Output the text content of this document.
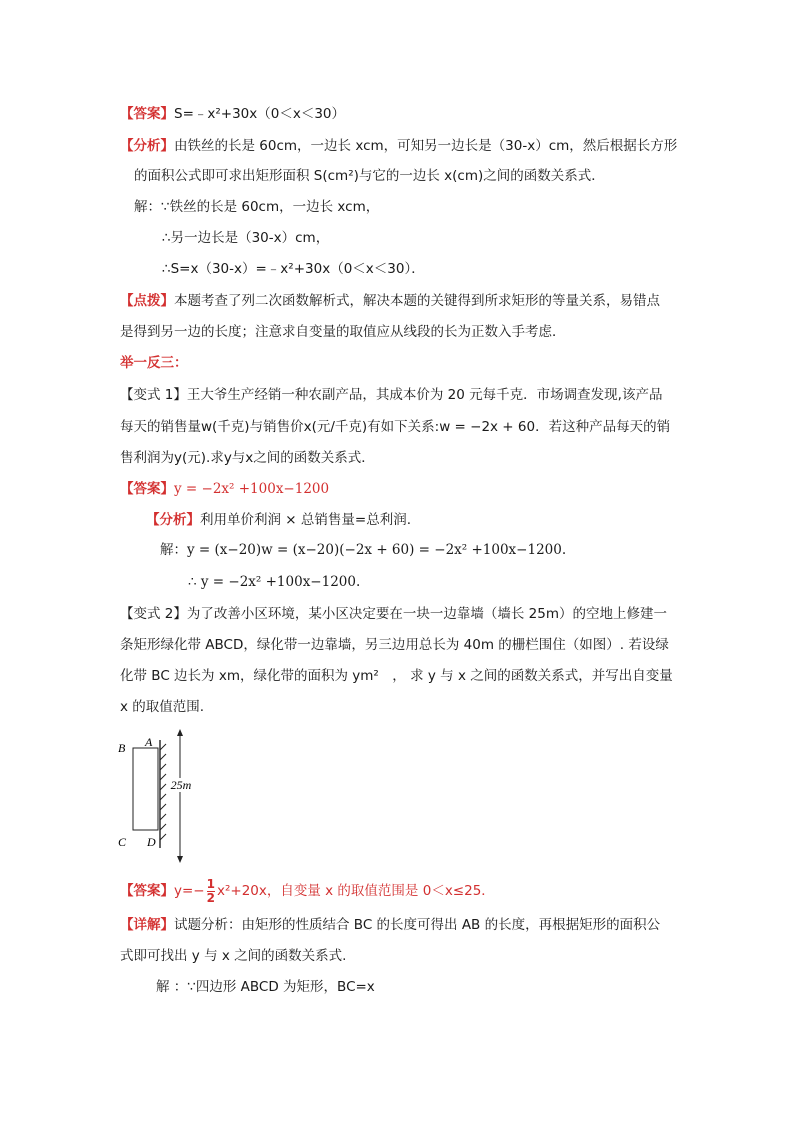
【答案】S=﹣x²+30x（0＜x＜30）
【分析】由铁丝的长是 60cm，一边长 xcm，可知另一边长是（30-x）cm，然后根据长方形
的面积公式即可求出矩形面积 S(cm²)与它的一边长 x(cm)之间的函数关系式．
解：∵铁丝的长是 60cm，一边长 xcm，
∴另一边长是（30-x）cm，
∴S=x（30-x）=﹣x²+30x（0＜x＜30）．
【点拨】本题考查了列二次函数解析式，解决本题的关键得到所求矩形的等量关系，易错点
是得到另一边的长度；注意求自变量的取值应从线段的长为正数入手考虑．
举一反三：
【变式 1】王大爷生产经销一种农副产品，其成本价为 20 元每千克．市场调查发现,该产品
每天的销售量w(千克)与销售价x(元/千克)有如下关系:w = −2x + 60．若这种产品每天的销
售利润为y(元).求y与x之间的函数关系式．
【答案】y = −2x² +100x−1200
【分析】利用单价利润 × 总销售量=总利润.
解：y = (x−20)w = (x−20)(−2x + 60) = −2x² +100x−1200.
∴ y = −2x² +100x−1200.
【变式 2】为了改善小区环境，某小区决定要在一块一边靠墙（墙长 25m）的空地上修建一
条矩形绿化带 ABCD，绿化带一边靠墙，另三边用总长为 40m 的栅栏围住（如图）. 若设绿
化带 BC 边长为 xm，绿化带的面积为 ym²　， 求 y 与 x 之间的函数关系式，并写出自变量
x 的取值范围.
25m
B A
C D
【答案】$y=- \frac{1}{2} x^2+20x$，自变量 x 的取值范围是 0＜x≤25．
【详解】试题分析：由矩形的性质结合 BC 的长度可得出 AB 的长度，再根据矩形的面积公
式即可找出 y 与 x 之间的函数关系式.
解 ：∵四边形 ABCD 为矩形，BC=x
